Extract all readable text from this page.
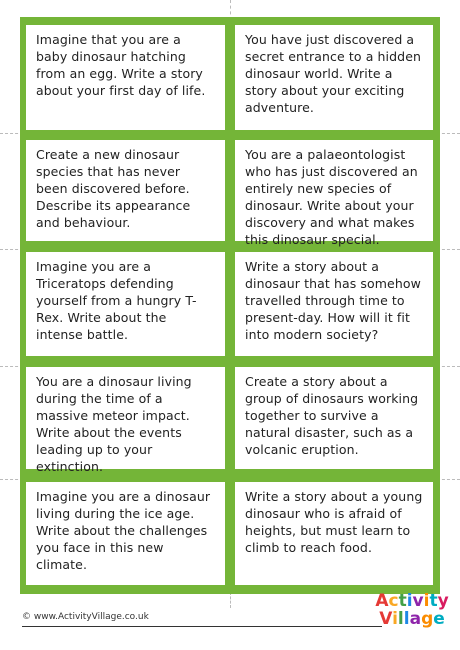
Imagine that you are a baby dinosaur hatching from an egg. Write a story about your first day of life.
You have just discovered a secret entrance to a hidden dinosaur world. Write a story about your exciting adventure.
Create a new dinosaur species that has never been discovered before. Describe its appearance and behaviour.
You are a palaeontologist who has just discovered an entirely new species of dinosaur. Write about your discovery and what makes this dinosaur special.
Imagine you are a Triceratops defending yourself from a hungry T-Rex. Write about the intense battle.
Write a story about a dinosaur that has somehow travelled through time to present-day. How will it fit into modern society?
You are a dinosaur living during the time of a massive meteor impact. Write about the events leading up to your extinction.
Create a story about a group of dinosaurs working together to survive a natural disaster, such as a volcanic eruption.
Imagine you are a dinosaur living during the ice age. Write about the challenges you face in this new climate.
Write a story about a young dinosaur who is afraid of heights, but must learn to climb to reach food.
© www.ActivityVillage.co.uk
Activity
Village
